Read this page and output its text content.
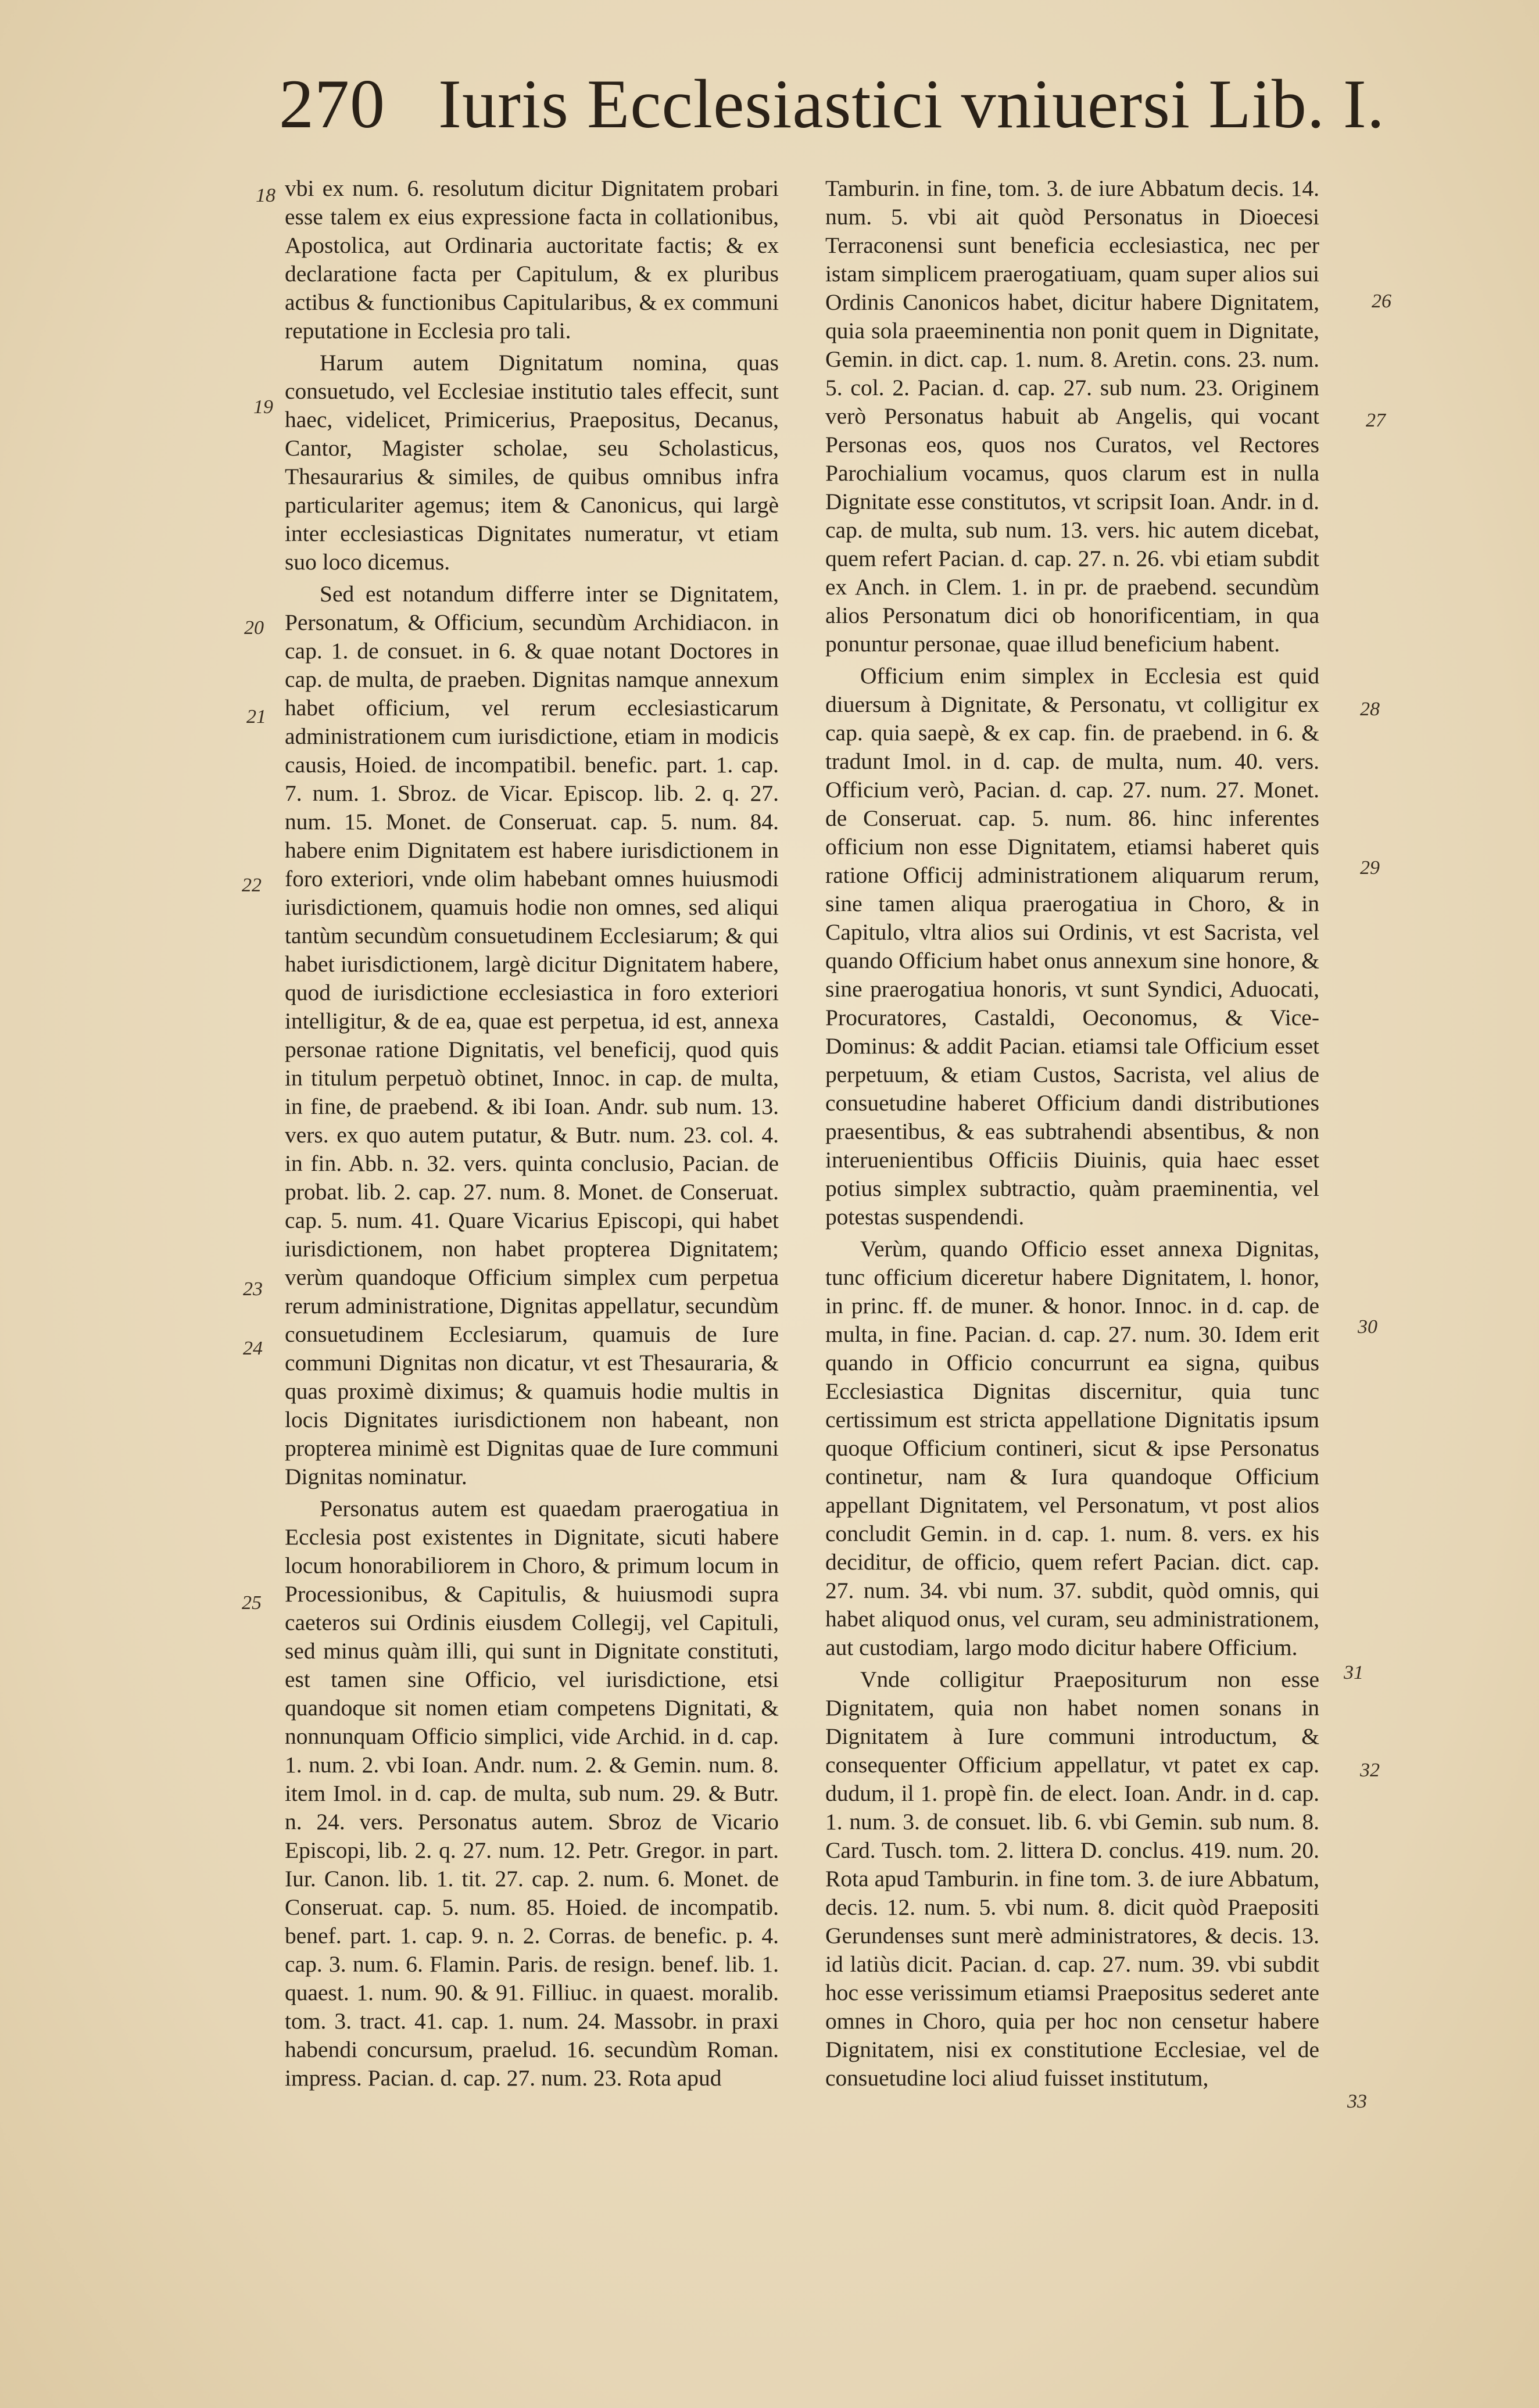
270 Iuris Ecclesiastici vniuersi Lib. I.

vbi ex num. 6. resolutum dicitur Dignitatem probari esse talem ex eius expressione facta in collationibus, Apostolica, aut Ordinaria auctoritate factis; & ex declaratione facta per Capitulum, & ex pluribus actibus & functionibus Capitularibus, & ex communi reputatione in Ecclesia pro tali.

Harum autem Dignitatum nomina, quas consuetudo, vel Ecclesiae institutio tales effecit, sunt haec, videlicet, Primicerius, Praepositus, Decanus, Cantor, Magister scholae, seu Scholasticus, Thesaurarius & similes, de quibus omnibus infra particulariter agemus; item & Canonicus, qui largè inter ecclesiasticas Dignitates numeratur, vt etiam suo loco dicemus.

Sed est notandum differre inter se Dignitatem, Personatum, & Officium, secundùm Archidiacon. in cap. 1. de consuet. in 6. & quae notant Doctores in cap. de multa, de praeben. Dignitas namque annexum habet officium, vel rerum ecclesiasticarum administrationem cum iurisdictione, etiam in modicis causis, Hoied. de incompatibil. benefic. part. 1. cap. 7. num. 1. Sbroz. de Vicar. Episcop. lib. 2. q. 27. num. 15. Monet. de Conseruat. cap. 5. num. 84. habere enim Dignitatem est habere iurisdictionem in foro exteriori, vnde olim habebant omnes huiusmodi iurisdictionem, quamuis hodie non omnes, sed aliqui tantùm secundùm consuetudinem Ecclesiarum; & qui habet iurisdictionem, largè dicitur Dignitatem habere, quod de iurisdictione ecclesiastica in foro exteriori intelligitur, & de ea, quae est perpetua, id est, annexa personae ratione Dignitatis, vel beneficij, quod quis in titulum perpetuò obtinet, Innoc. in cap. de multa, in fine, de praebend. & ibi Ioan. Andr. sub num. 13. vers. ex quo autem putatur, & Butr. num. 23. col. 4. in fin. Abb. n. 32. vers. quinta conclusio, Pacian. de probat. lib. 2. cap. 27. num. 8. Monet. de Conseruat. cap. 5. num. 41. Quare Vicarius Episcopi, qui habet iurisdictionem, non habet propterea Dignitatem; verùm quandoque Officium simplex cum perpetua rerum administratione, Dignitas appellatur, secundùm consuetudinem Ecclesiarum, quamuis de Iure communi Dignitas non dicatur, vt est Thesauraria, & quas proximè diximus; & quamuis hodie multis in locis Dignitates iurisdictionem non habeant, non propterea minimè est Dignitas quae de Iure communi Dignitas nominatur.

Personatus autem est quaedam praerogatiua in Ecclesia post existentes in Dignitate, sicuti habere locum honorabiliorem in Choro, & primum locum in Processionibus, & Capitulis, & huiusmodi supra caeteros sui Ordinis eiusdem Collegij, vel Capituli, sed minus quàm illi, qui sunt in Dignitate constituti, est tamen sine Officio, vel iurisdictione, etsi quandoque sit nomen etiam competens Dignitati, & nonnunquam Officio simplici, vide Archid. in d. cap. 1. num. 2. vbi Ioan. Andr. num. 2. & Gemin. num. 8. item Imol. in d. cap. de multa, sub num. 29. & Butr. n. 24. vers. Personatus autem. Sbroz de Vicario Episcopi, lib. 2. q. 27. num. 12. Petr. Gregor. in part. Iur. Canon. lib. 1. tit. 27. cap. 2. num. 6. Monet. de Conseruat. cap. 5. num. 85. Hoied. de incompatib. benef. part. 1. cap. 9. n. 2. Corras. de benefic. p. 4. cap. 3. num. 6. Flamin. Paris. de resign. benef. lib. 1. quaest. 1. num. 90. & 91. Filliuc. in quaest. moralib. tom. 3. tract. 41. cap. 1. num. 24. Massobr. in praxi habendi concursum, praelud. 16. secundùm Roman. impress. Pacian. d. cap. 27. num. 23. Rota apud

Tamburin. in fine, tom. 3. de iure Abbatum decis. 14. num. 5. vbi ait quòd Personatus in Dioecesi Terraconensi sunt beneficia ecclesiastica, nec per istam simplicem praerogatiuam, quam super alios sui Ordinis Canonicos habet, dicitur habere Dignitatem, quia sola praeeminentia non ponit quem in Dignitate, Gemin. in dict. cap. 1. num. 8. Aretin. cons. 23. num. 5. col. 2. Pacian. d. cap. 27. sub num. 23. Originem verò Personatus habuit ab Angelis, qui vocant Personas eos, quos nos Curatos, vel Rectores Parochialium vocamus, quos clarum est in nulla Dignitate esse constitutos, vt scripsit Ioan. Andr. in d. cap. de multa, sub num. 13. vers. hic autem dicebat, quem refert Pacian. d. cap. 27. n. 26. vbi etiam subdit ex Anch. in Clem. 1. in pr. de praebend. secundùm alios Personatum dici ob honorificentiam, in qua ponuntur personae, quae illud beneficium habent.

Officium enim simplex in Ecclesia est quid diuersum à Dignitate, & Personatu, vt colligitur ex cap. quia saepè, & ex cap. fin. de praebend. in 6. & tradunt Imol. in d. cap. de multa, num. 40. vers. Officium verò, Pacian. d. cap. 27. num. 27. Monet. de Conseruat. cap. 5. num. 86. hinc inferentes officium non esse Dignitatem, etiamsi haberet quis ratione Officij administrationem aliquarum rerum, sine tamen aliqua praerogatiua in Choro, & in Capitulo, vltra alios sui Ordinis, vt est Sacrista, vel quando Officium habet onus annexum sine honore, & sine praerogatiua honoris, vt sunt Syndici, Aduocati, Procuratores, Castaldi, Oeconomus, & Vice-Dominus: & addit Pacian. etiamsi tale Officium esset perpetuum, & etiam Custos, Sacrista, vel alius de consuetudine haberet Officium dandi distributiones praesentibus, & eas subtrahendi absentibus, & non interuenientibus Officiis Diuinis, quia haec esset potius simplex subtractio, quàm praeminentia, vel potestas suspendendi.

Verùm, quando Officio esset annexa Dignitas, tunc officium diceretur habere Dignitatem, l. honor, in princ. ff. de muner. & honor. Innoc. in d. cap. de multa, in fine. Pacian. d. cap. 27. num. 30. Idem erit quando in Officio concurrunt ea signa, quibus Ecclesiastica Dignitas discernitur, quia tunc certissimum est stricta appellatione Dignitatis ipsum quoque Officium contineri, sicut & ipse Personatus continetur, nam & Iura quandoque Officium appellant Dignitatem, vel Personatum, vt post alios concludit Gemin. in d. cap. 1. num. 8. vers. ex his deciditur, de officio, quem refert Pacian. dict. cap. 27. num. 34. vbi num. 37. subdit, quòd omnis, qui habet aliquod onus, vel curam, seu administrationem, aut custodiam, largo modo dicitur habere Officium.

Vnde colligitur Praepositurum non esse Dignitatem, quia non habet nomen sonans in Dignitatem à Iure communi introductum, & consequenter Officium appellatur, vt patet ex cap. dudum, il 1. propè fin. de elect. Ioan. Andr. in d. cap. 1. num. 3. de consuet. lib. 6. vbi Gemin. sub num. 8. Card. Tusch. tom. 2. littera D. conclus. 419. num. 20. Rota apud Tamburin. in fine tom. 3. de iure Abbatum, decis. 12. num. 5. vbi num. 8. dicit quòd Praepositi Gerundenses sunt merè administratores, & decis. 13. id latiùs dicit. Pacian. d. cap. 27. num. 39. vbi subdit hoc esse verissimum etiamsi Praepositus sederet ante omnes in Choro, quia per hoc non censetur habere Dignitatem, nisi ex constitutione Ecclesiae, vel de consuetudine loci aliud fuisset institutum,

18
19
20
21
22
23
24
25
26
27
28
29
30
31
32
33
